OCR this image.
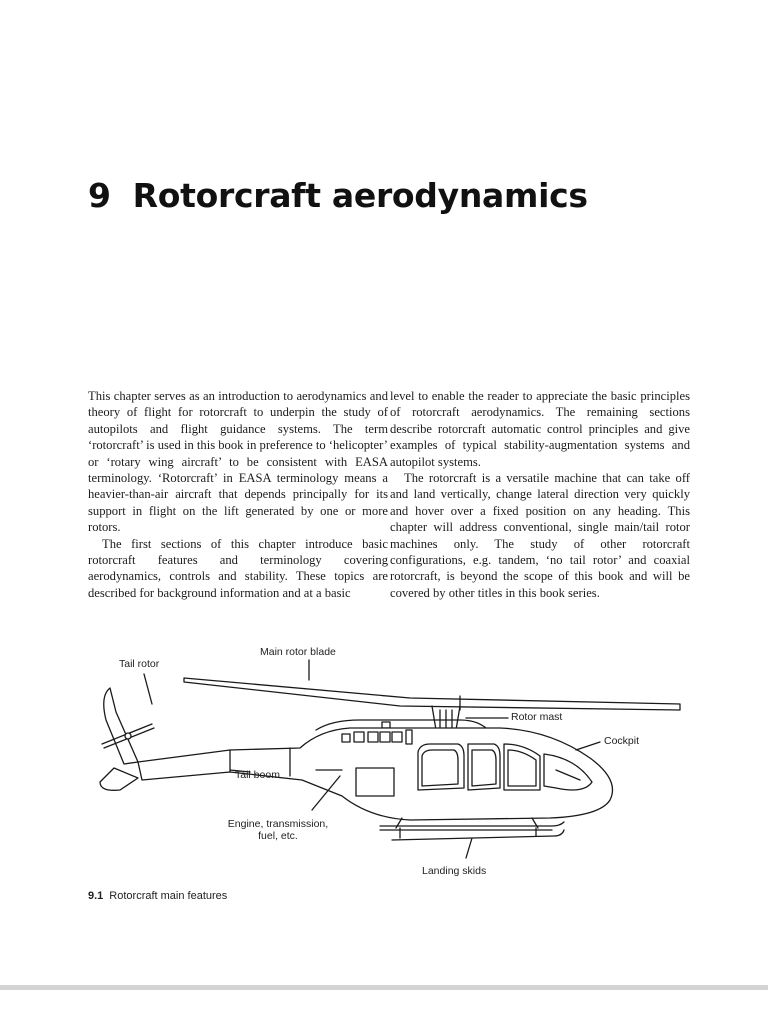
9 Rotorcraft aerodynamics

This chapter serves as an introduction to aerodynamics and theory of flight for rotorcraft to underpin the study of autopilots and flight guidance systems. The term ‘rotorcraft’ is used in this book in preference to ‘helicopter’ or ‘rotary wing aircraft’ to be consistent with EASA terminology. ‘Rotorcraft’ in EASA terminology means a heavier-than-air aircraft that depends principally for its support in flight on the lift generated by one or more rotors.

The first sections of this chapter introduce basic rotorcraft features and terminology covering aerodynamics, controls and stability. These topics are described for background information and at a basic

level to enable the reader to appreciate the basic principles of rotorcraft aerodynamics. The remaining sections describe rotorcraft automatic control principles and give examples of typical stability-augmentation systems and autopilot systems.

The rotorcraft is a versatile machine that can take off and land vertically, change lateral direction very quickly and hover over a fixed position on any heading. This chapter will address conventional, single main/tail rotor machines only. The study of other rotorcraft configurations, e.g. tandem, ‘no tail rotor’ and coaxial rotorcraft, is beyond the scope of this book and will be covered by other titles in this book series.

Main rotor blade
Tail rotor
Rotor mast
Cockpit
Tail boom
Engine, transmission,
fuel, etc.
Landing skids
9.1 Rotorcraft main features
